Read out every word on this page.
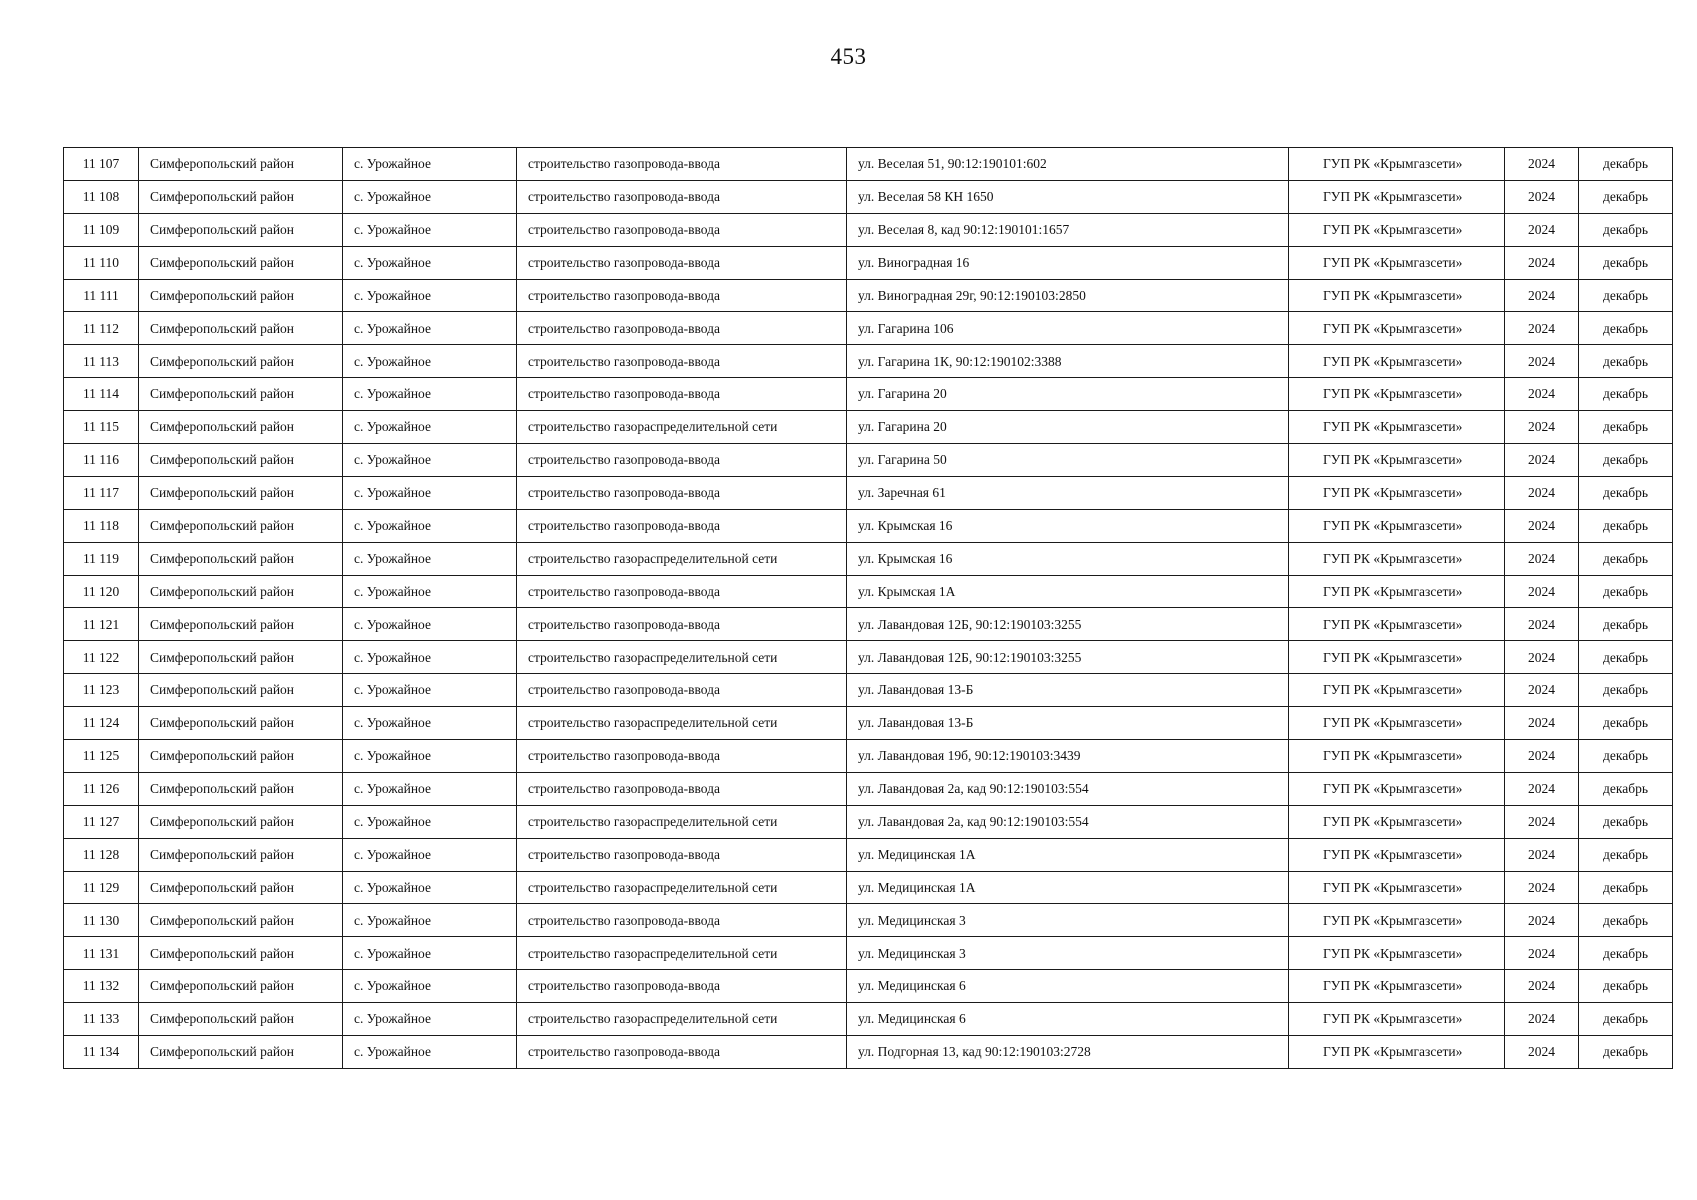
453
11 107	Симферопольский район	с. Урожайное	строительство газопровода-ввода	ул. Веселая 51, 90:12:190101:602	ГУП РК «Крымгазсети»	2024	декабрь
11 108	Симферопольский район	с. Урожайное	строительство газопровода-ввода	ул. Веселая 58 КН 1650	ГУП РК «Крымгазсети»	2024	декабрь
11 109	Симферопольский район	с. Урожайное	строительство газопровода-ввода	ул. Веселая 8, кад 90:12:190101:1657	ГУП РК «Крымгазсети»	2024	декабрь
11 110	Симферопольский район	с. Урожайное	строительство газопровода-ввода	ул. Виноградная 16	ГУП РК «Крымгазсети»	2024	декабрь
11 111	Симферопольский район	с. Урожайное	строительство газопровода-ввода	ул. Виноградная 29г, 90:12:190103:2850	ГУП РК «Крымгазсети»	2024	декабрь
11 112	Симферопольский район	с. Урожайное	строительство газопровода-ввода	ул. Гагарина 106	ГУП РК «Крымгазсети»	2024	декабрь
11 113	Симферопольский район	с. Урожайное	строительство газопровода-ввода	ул. Гагарина 1К, 90:12:190102:3388	ГУП РК «Крымгазсети»	2024	декабрь
11 114	Симферопольский район	с. Урожайное	строительство газопровода-ввода	ул. Гагарина 20	ГУП РК «Крымгазсети»	2024	декабрь
11 115	Симферопольский район	с. Урожайное	строительство газораспределительной сети	ул. Гагарина 20	ГУП РК «Крымгазсети»	2024	декабрь
11 116	Симферопольский район	с. Урожайное	строительство газопровода-ввода	ул. Гагарина 50	ГУП РК «Крымгазсети»	2024	декабрь
11 117	Симферопольский район	с. Урожайное	строительство газопровода-ввода	ул. Заречная 61	ГУП РК «Крымгазсети»	2024	декабрь
11 118	Симферопольский район	с. Урожайное	строительство газопровода-ввода	ул. Крымская 16	ГУП РК «Крымгазсети»	2024	декабрь
11 119	Симферопольский район	с. Урожайное	строительство газораспределительной сети	ул. Крымская 16	ГУП РК «Крымгазсети»	2024	декабрь
11 120	Симферопольский район	с. Урожайное	строительство газопровода-ввода	ул. Крымская 1А	ГУП РК «Крымгазсети»	2024	декабрь
11 121	Симферопольский район	с. Урожайное	строительство газопровода-ввода	ул. Лавандовая 12Б, 90:12:190103:3255	ГУП РК «Крымгазсети»	2024	декабрь
11 122	Симферопольский район	с. Урожайное	строительство газораспределительной сети	ул. Лавандовая 12Б, 90:12:190103:3255	ГУП РК «Крымгазсети»	2024	декабрь
11 123	Симферопольский район	с. Урожайное	строительство газопровода-ввода	ул. Лавандовая 13-Б	ГУП РК «Крымгазсети»	2024	декабрь
11 124	Симферопольский район	с. Урожайное	строительство газораспределительной сети	ул. Лавандовая 13-Б	ГУП РК «Крымгазсети»	2024	декабрь
11 125	Симферопольский район	с. Урожайное	строительство газопровода-ввода	ул. Лавандовая 19б, 90:12:190103:3439	ГУП РК «Крымгазсети»	2024	декабрь
11 126	Симферопольский район	с. Урожайное	строительство газопровода-ввода	ул. Лавандовая 2а, кад 90:12:190103:554	ГУП РК «Крымгазсети»	2024	декабрь
11 127	Симферопольский район	с. Урожайное	строительство газораспределительной сети	ул. Лавандовая 2а, кад 90:12:190103:554	ГУП РК «Крымгазсети»	2024	декабрь
11 128	Симферопольский район	с. Урожайное	строительство газопровода-ввода	ул. Медицинская 1А	ГУП РК «Крымгазсети»	2024	декабрь
11 129	Симферопольский район	с. Урожайное	строительство газораспределительной сети	ул. Медицинская 1А	ГУП РК «Крымгазсети»	2024	декабрь
11 130	Симферопольский район	с. Урожайное	строительство газопровода-ввода	ул. Медицинская 3	ГУП РК «Крымгазсети»	2024	декабрь
11 131	Симферопольский район	с. Урожайное	строительство газораспределительной сети	ул. Медицинская 3	ГУП РК «Крымгазсети»	2024	декабрь
11 132	Симферопольский район	с. Урожайное	строительство газопровода-ввода	ул. Медицинская 6	ГУП РК «Крымгазсети»	2024	декабрь
11 133	Симферопольский район	с. Урожайное	строительство газораспределительной сети	ул. Медицинская 6	ГУП РК «Крымгазсети»	2024	декабрь
11 134	Симферопольский район	с. Урожайное	строительство газопровода-ввода	ул. Подгорная 13, кад 90:12:190103:2728	ГУП РК «Крымгазсети»	2024	декабрь
